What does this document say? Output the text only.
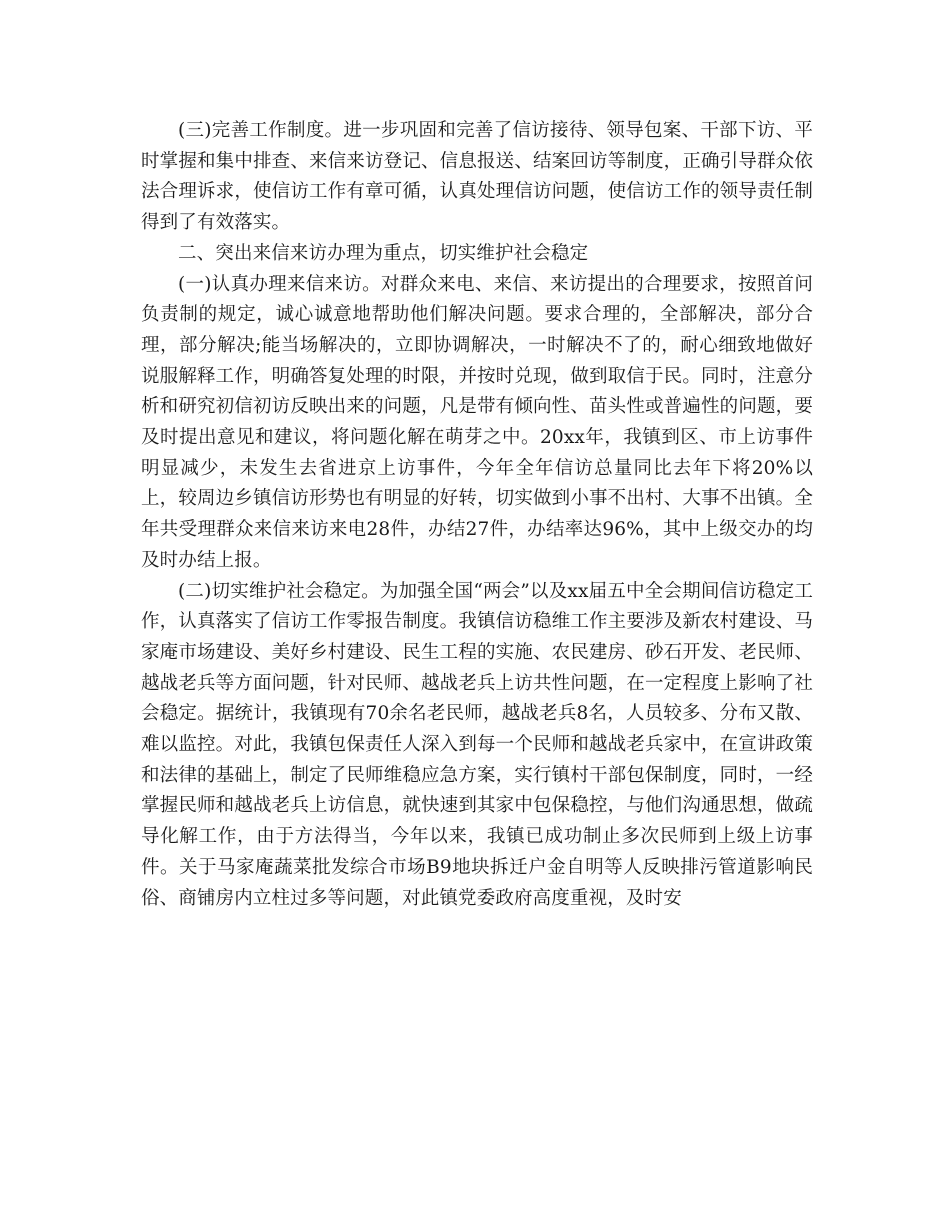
(三)完善工作制度。进一步巩固和完善了信访接待、领导包案、干部下访、平时掌握和集中排查、来信来访登记、信息报送、结案回访等制度，正确引导群众依法合理诉求，使信访工作有章可循，认真处理信访问题，使信访工作的领导责任制得到了有效落实。

二、突出来信来访办理为重点，切实维护社会稳定

(一)认真办理来信来访。对群众来电、来信、来访提出的合理要求，按照首问负责制的规定，诚心诚意地帮助他们解决问题。要求合理的，全部解决，部分合理，部分解决;能当场解决的，立即协调解决，一时解决不了的，耐心细致地做好说服解释工作，明确答复处理的时限，并按时兑现，做到取信于民。同时，注意分析和研究初信初访反映出来的问题，凡是带有倾向性、苗头性或普遍性的问题，要及时提出意见和建议，将问题化解在萌芽之中。20xx年，我镇到区、市上访事件明显减少，未发生去省进京上访事件，今年全年信访总量同比去年下将20%以上，较周边乡镇信访形势也有明显的好转，切实做到小事不出村、大事不出镇。全年共受理群众来信来访来电28件，办结27件，办结率达96%，其中上级交办的均及时办结上报。

(二)切实维护社会稳定。为加强全国“两会”以及xx届五中全会期间信访稳定工作，认真落实了信访工作零报告制度。我镇信访稳维工作主要涉及新农村建设、马家庵市场建设、美好乡村建设、民生工程的实施、农民建房、砂石开发、老民师、越战老兵等方面问题，针对民师、越战老兵上访共性问题，在一定程度上影响了社会稳定。据统计，我镇现有70余名老民师，越战老兵8名，人员较多、分布又散、难以监控。对此，我镇包保责任人深入到每一个民师和越战老兵家中，在宣讲政策和法律的基础上，制定了民师维稳应急方案，实行镇村干部包保制度，同时，一经掌握民师和越战老兵上访信息，就快速到其家中包保稳控，与他们沟通思想，做疏导化解工作，由于方法得当，今年以来，我镇已成功制止多次民师到上级上访事件。关于马家庵蔬菜批发综合市场B9地块拆迁户金自明等人反映排污管道影响民俗、商铺房内立柱过多等问题，对此镇党委政府高度重视，及时安
